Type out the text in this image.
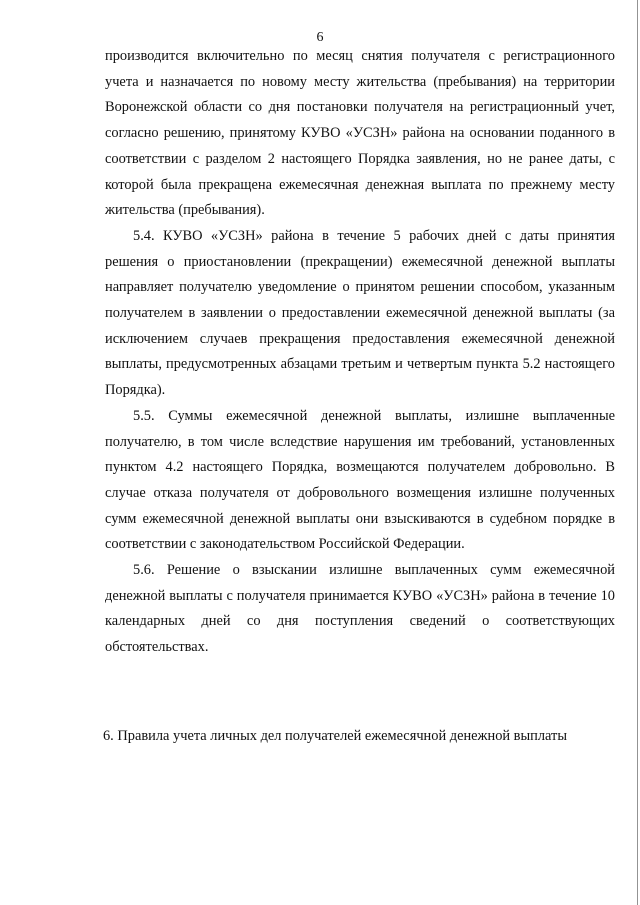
6

производится включительно по месяц снятия получателя с регистрационного учета и назначается по новому месту жительства (пребывания) на территории Воронежской области со дня постановки получателя на регистрационный учет, согласно решению, принятому КУВО «УСЗН» района на основании поданного в соответствии с разделом 2 настоящего Порядка заявления, но не ранее даты, с которой была прекращена ежемесячная денежная выплата по прежнему месту жительства (пребывания).

5.4. КУВО «УСЗН» района в течение 5 рабочих дней с даты принятия решения о приостановлении (прекращении) ежемесячной денежной выплаты направляет получателю уведомление о принятом решении способом, указанным получателем в заявлении о предоставлении ежемесячной денежной выплаты (за исключением случаев прекращения предоставления ежемесячной денежной выплаты, предусмотренных абзацами третьим и четвертым пункта 5.2 настоящего Порядка).

5.5. Суммы ежемесячной денежной выплаты, излишне выплаченные получателю, в том числе вследствие нарушения им требований, установленных пунктом 4.2 настоящего Порядка, возмещаются получателем добровольно. В случае отказа получателя от добровольного возмещения излишне полученных сумм ежемесячной денежной выплаты они взыскиваются в судебном порядке в соответствии с законодательством Российской Федерации.

5.6. Решение о взыскании излишне выплаченных сумм ежемесячной денежной выплаты с получателя принимается КУВО «УСЗН» района в течение 10 календарных дней со дня поступления сведений о соответствующих обстоятельствах.

6. Правила учета личных дел получателей ежемесячной денежной выплаты
